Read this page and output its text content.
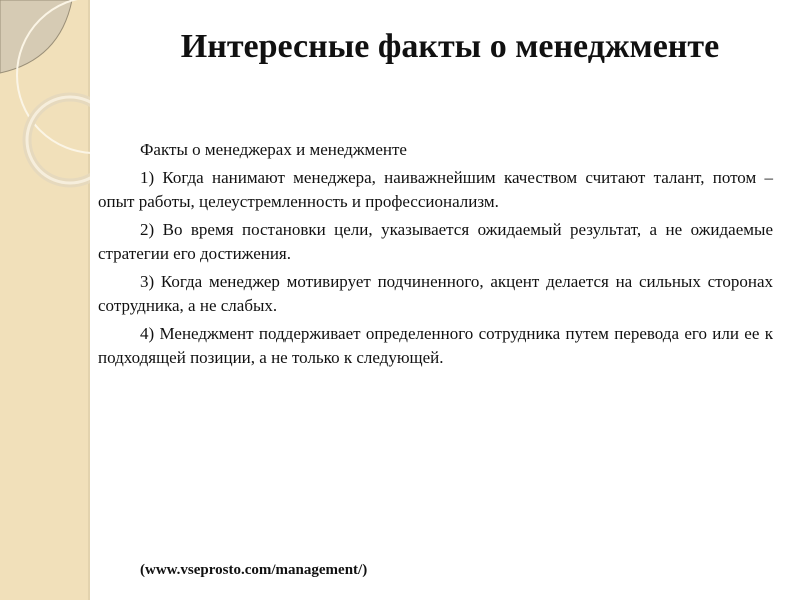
Интересные факты о менеджменте

Факты о менеджерах и менеджменте

1) Когда нанимают менеджера, наиважнейшим качеством считают талант, потом – опыт работы, целеустремленность и профессионализм.

2) Во время постановки цели, указывается ожидаемый результат, а не ожидаемые стратегии его достижения.

3) Когда менеджер мотивирует подчиненного, акцент делается на сильных сторонах сотрудника, а не слабых.

4) Менеджмент поддерживает определенного сотрудника путем перевода его или ее к подходящей позиции, а не только к следующей.

(www.vseprosto.com/management/)
